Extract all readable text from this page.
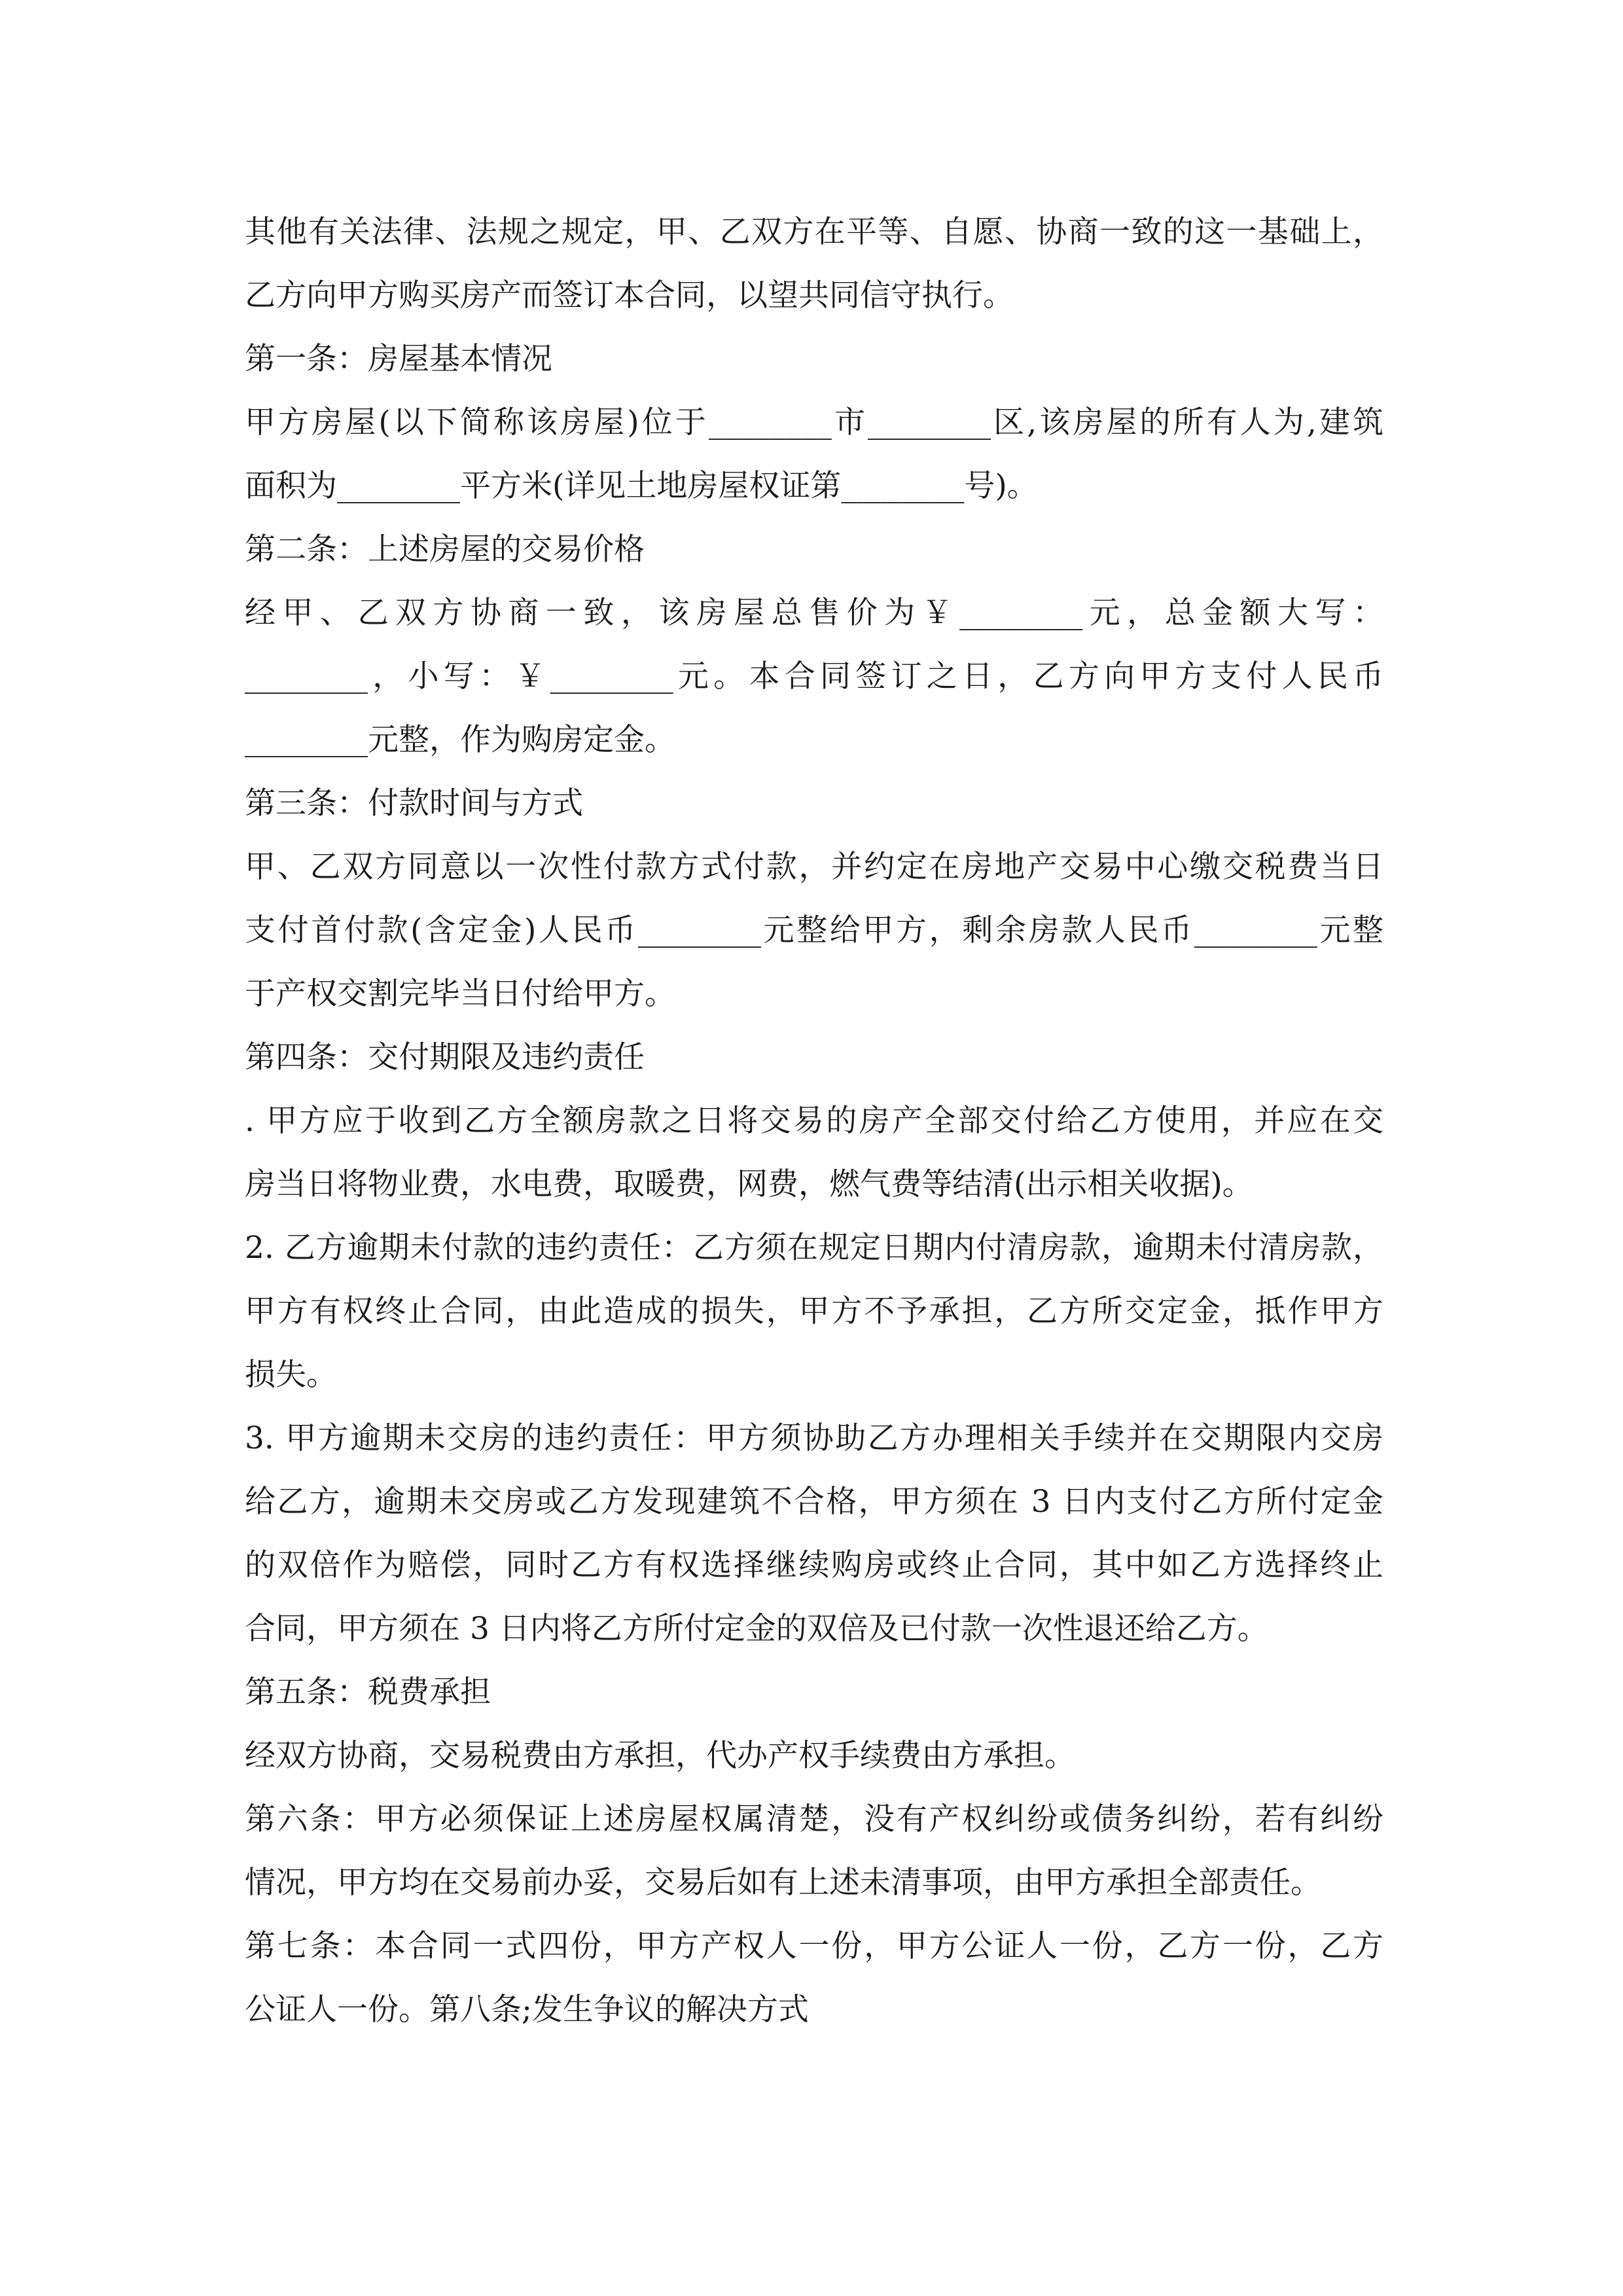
其他有关法律、法规之规定，甲、乙双方在平等、自愿、协商一致的这一基础上，
乙方向甲方购买房产而签订本合同，以望共同信守执行。
第一条：房屋基本情况
甲方房屋(以下简称该房屋)位于________市________区,该房屋的所有人为,建筑
面积为________平方米(详见土地房屋权证第________号)。
第二条：上述房屋的交易价格
经甲、乙双方协商一致，该房屋总售价为￥________元，总金额大写：
________，小写：￥________元。本合同签订之日，乙方向甲方支付人民币
________元整，作为购房定金。
第三条：付款时间与方式
甲、乙双方同意以一次性付款方式付款，并约定在房地产交易中心缴交税费当日
支付首付款(含定金)人民币________元整给甲方，剩余房款人民币________元整
于产权交割完毕当日付给甲方。
第四条：交付期限及违约责任
. 甲方应于收到乙方全额房款之日将交易的房产全部交付给乙方使用，并应在交
房当日将物业费，水电费，取暖费，网费，燃气费等结清(出示相关收据)。
2. 乙方逾期未付款的违约责任：乙方须在规定日期内付清房款，逾期未付清房款，
甲方有权终止合同，由此造成的损失，甲方不予承担，乙方所交定金，抵作甲方
损失。
3. 甲方逾期未交房的违约责任：甲方须协助乙方办理相关手续并在交期限内交房
给乙方，逾期未交房或乙方发现建筑不合格，甲方须在 3 日内支付乙方所付定金
的双倍作为赔偿，同时乙方有权选择继续购房或终止合同，其中如乙方选择终止
合同，甲方须在 3 日内将乙方所付定金的双倍及已付款一次性退还给乙方。
第五条：税费承担
经双方协商，交易税费由方承担，代办产权手续费由方承担。
第六条：甲方必须保证上述房屋权属清楚，没有产权纠纷或债务纠纷，若有纠纷
情况，甲方均在交易前办妥，交易后如有上述未清事项，由甲方承担全部责任。
第七条：本合同一式四份，甲方产权人一份，甲方公证人一份，乙方一份，乙方
公证人一份。第八条;发生争议的解决方式
